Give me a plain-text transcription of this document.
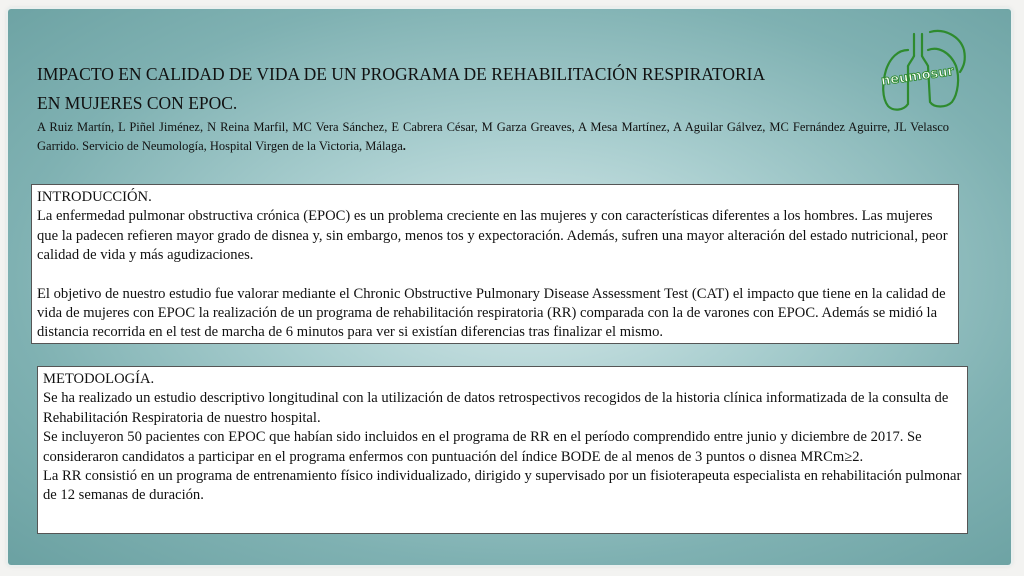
IMPACTO EN CALIDAD DE VIDA DE UN PROGRAMA DE REHABILITACIÓN RESPIRATORIA
EN MUJERES CON EPOC.
A Ruiz Martín, L Piñel Jiménez, N Reina Marfil, MC Vera Sánchez, E Cabrera César, M Garza Greaves, A Mesa Martínez, A Aguilar Gálvez, MC Fernández Aguirre, JL Velasco Garrido. Servicio de Neumología, Hospital Virgen de la Victoria, Málaga.
neumosur

INTRODUCCIÓN.

La enfermedad pulmonar obstructiva crónica (EPOC) es un problema creciente en las mujeres y con características diferentes a los hombres. Las mujeres que la padecen refieren mayor grado de disnea y, sin embargo, menos tos y expectoración. Además, sufren una mayor alteración del estado nutricional, peor calidad de vida y más agudizaciones.

El objetivo de nuestro estudio fue valorar mediante el Chronic Obstructive Pulmonary Disease Assessment Test (CAT) el impacto que tiene en la calidad de vida de mujeres con EPOC la realización de un programa de rehabilitación respiratoria (RR) comparada con la de varones con EPOC. Además se midió la distancia recorrida en el test de marcha de 6 minutos para ver si existían diferencias tras finalizar el mismo.

METODOLOGÍA.

Se ha realizado un estudio descriptivo longitudinal con la utilización de datos retrospectivos recogidos de la historia clínica informatizada de la consulta de Rehabilitación Respiratoria de nuestro hospital.

Se incluyeron 50 pacientes con EPOC que habían sido incluidos en el programa de RR en el período comprendido entre junio y diciembre de 2017. Se consideraron candidatos a participar en el programa enfermos con puntuación del índice BODE de al menos de 3 puntos o disnea MRCm≥2.

La RR consistió en un programa de entrenamiento físico individualizado, dirigido y supervisado por un fisioterapeuta especialista en rehabilitación pulmonar de 12 semanas de duración.
